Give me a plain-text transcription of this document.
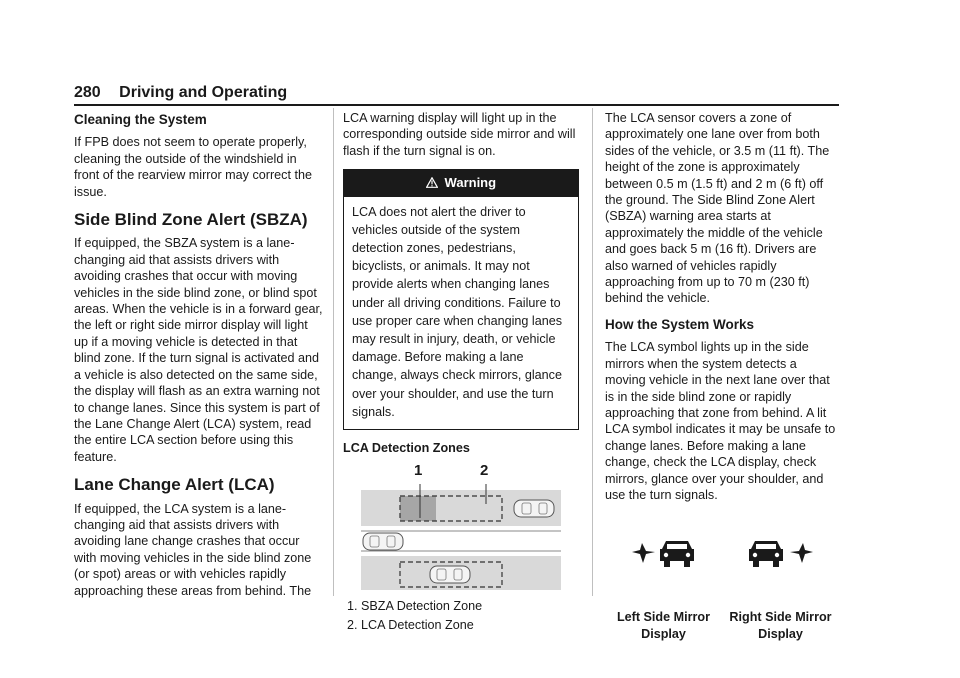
280 Driving and Operating
Cleaning the System

If FPB does not seem to operate properly, cleaning the outside of the windshield in front of the rearview mirror may correct the issue.

Side Blind Zone Alert (SBZA)

If equipped, the SBZA system is a lane-changing aid that assists drivers with avoiding crashes that occur with moving vehicles in the side blind zone, or blind spot areas. When the vehicle is in a forward gear, the left or right side mirror display will light up if a moving vehicle is detected in that blind zone. If the turn signal is activated and a vehicle is also detected on the same side, the display will flash as an extra warning not to change lanes. Since this system is part of the Lane Change Alert (LCA) system, read the entire LCA section before using this feature.

Lane Change Alert (LCA)

If equipped, the LCA system is a lane-changing aid that assists drivers with avoiding lane change crashes that occur with moving vehicles in the side blind zone (or spot) areas or with vehicles rapidly approaching these areas from behind. The

LCA warning display will light up in the corresponding outside side mirror and will flash if the turn signal is on.

Warning
LCA does not alert the driver to vehicles outside of the system detection zones, pedestrians, bicyclists, or animals. It may not provide alerts when changing lanes under all driving conditions. Failure to use proper care when changing lanes may result in injury, death, or vehicle damage. Before making a lane change, always check mirrors, glance over your shoulder, and use the turn signals.
LCA Detection Zones
1	2
1. SBZA Detection Zone
2. LCA Detection Zone

The LCA sensor covers a zone of approximately one lane over from both sides of the vehicle, or 3.5 m (11 ft). The height of the zone is approximately between 0.5 m (1.5 ft) and 2 m (6 ft) off the ground. The Side Blind Zone Alert (SBZA) warning area starts at approximately the middle of the vehicle and goes back 5 m (16 ft). Drivers are also warned of vehicles rapidly approaching from up to 70 m (230 ft) behind the vehicle.

How the System Works

The LCA symbol lights up in the side mirrors when the system detects a moving vehicle in the next lane over that is in the side blind zone or rapidly approaching that zone from behind. A lit LCA symbol indicates it may be unsafe to change lanes. Before making a lane change, check the LCA display, check mirrors, glance over your shoulder, and use the turn signals.

Left Side Mirror Display
Right Side Mirror Display
